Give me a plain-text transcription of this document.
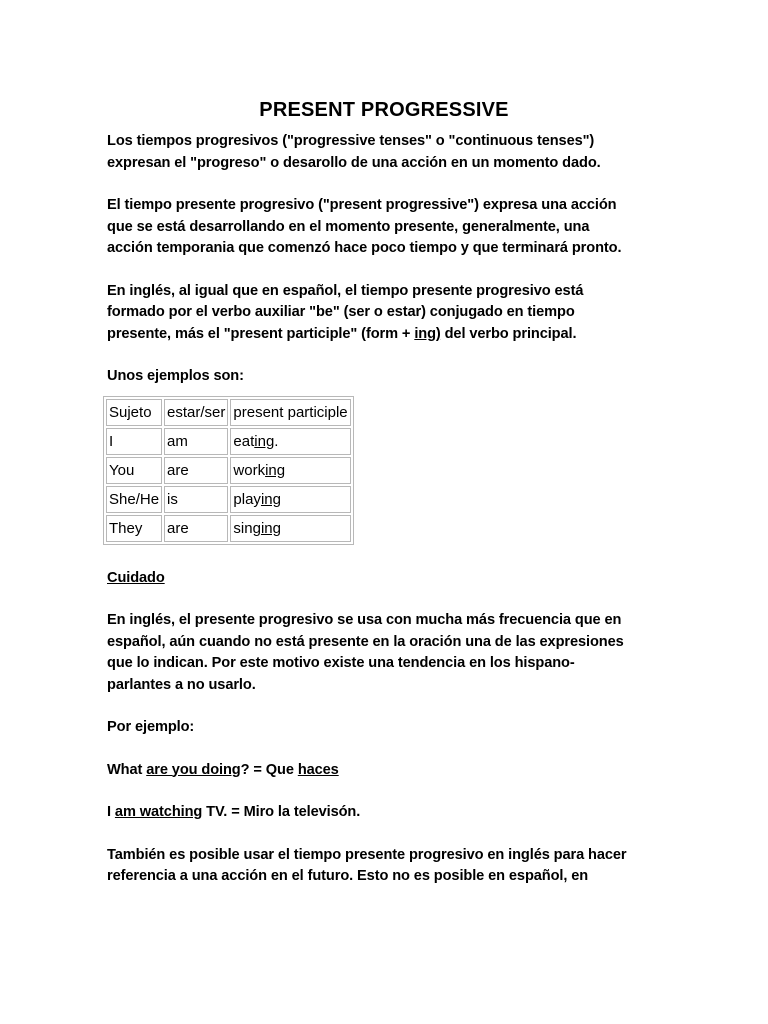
PRESENT PROGRESSIVE

Los tiempos progresivos ("progressive tenses" o "continuous tenses")
expresan el "progreso" o desarollo de una acción en un momento dado.

El tiempo presente progresivo ("present progressive") expresa una acción
que se está desarrollando en el momento presente, generalmente, una
acción temporania que comenzó hace poco tiempo y que terminará pronto.

En inglés, al igual que en español, el tiempo presente progresivo está
formado por el verbo auxiliar "be" (ser o estar) conjugado en tiempo
presente, más el "present participle" (form + ing) del verbo principal.

Unos ejemplos son:

Sujeto	estar/ser	present participle
I	am	eating.
You	are	working
She/He	is	playing
They	are	singing

Cuidado

En inglés, el presente progresivo se usa con mucha más frecuencia que en
español, aún cuando no está presente en la oración una de las expresiones
que lo indican. Por este motivo existe una tendencia en los hispano-
parlantes a no usarlo.

Por ejemplo:

What are you doing? = Que haces

I am watching TV. = Miro la televisón.

También es posible usar el tiempo presente progresivo en inglés para hacer
referencia a una acción en el futuro. Esto no es posible en español, en
